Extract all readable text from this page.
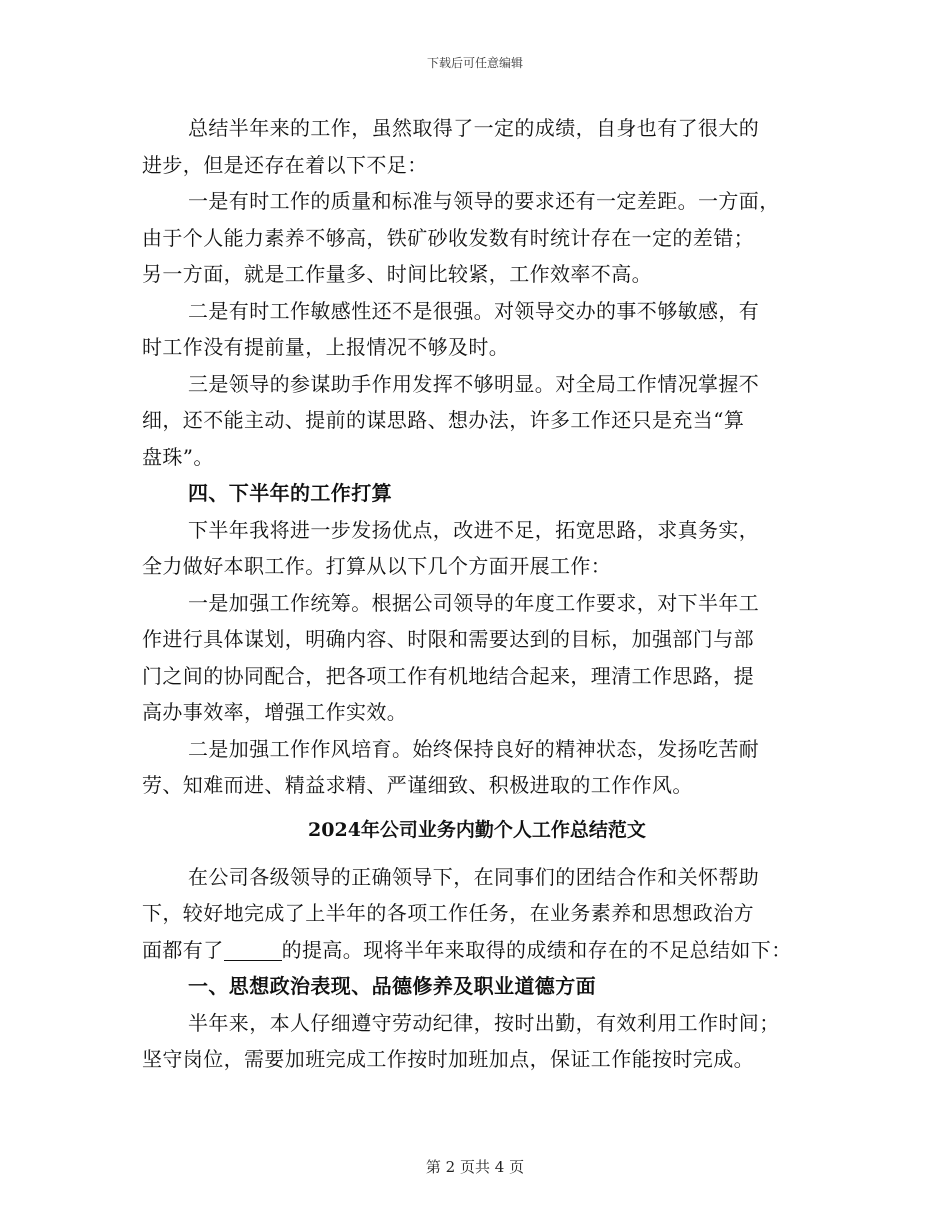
下载后可任意编辑
总结半年来的工作，虽然取得了一定的成绩，自身也有了很大的
进步，但是还存在着以下不足：
一是有时工作的质量和标准与领导的要求还有一定差距。一方面，
由于个人能力素养不够高，铁矿砂收发数有时统计存在一定的差错；
另一方面，就是工作量多、时间比较紧，工作效率不高。
二是有时工作敏感性还不是很强。对领导交办的事不够敏感，有
时工作没有提前量，上报情况不够及时。
三是领导的参谋助手作用发挥不够明显。对全局工作情况掌握不
细，还不能主动、提前的谋思路、想办法，许多工作还只是充当“算
盘珠”。
四、下半年的工作打算
下半年我将进一步发扬优点，改进不足，拓宽思路，求真务实，
全力做好本职工作。打算从以下几个方面开展工作：
一是加强工作统筹。根据公司领导的年度工作要求，对下半年工
作进行具体谋划，明确内容、时限和需要达到的目标，加强部门与部
门之间的协同配合，把各项工作有机地结合起来，理清工作思路，提
高办事效率，增强工作实效。
二是加强工作作风培育。始终保持良好的精神状态，发扬吃苦耐
劳、知难而进、精益求精、严谨细致、积极进取的工作作风。
2024年公司业务内勤个人工作总结范文
在公司各级领导的正确领导下，在同事们的团结合作和关怀帮助
下，较好地完成了上半年的各项工作任务，在业务素养和思想政治方
面都有了	的提高。现将半年来取得的成绩和存在的不足总结如下：
一、思想政治表现、品德修养及职业道德方面
半年来，本人仔细遵守劳动纪律，按时出勤，有效利用工作时间；
坚守岗位，需要加班完成工作按时加班加点，保证工作能按时完成。
第 2 页共 4 页
